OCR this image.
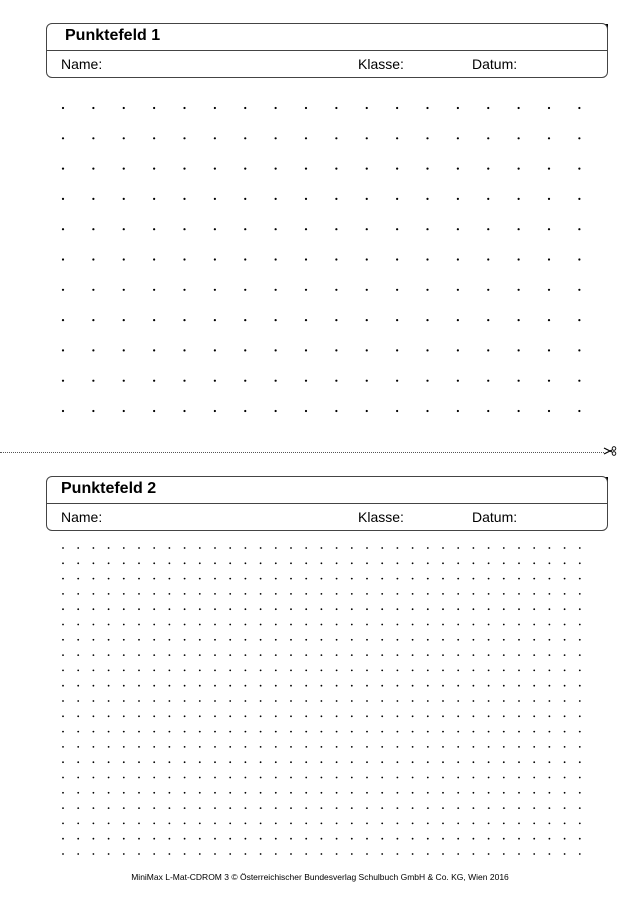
Punktefeld 1
Name:	Klasse:	Datum:
Punktefeld 2
Name:	Klasse:	Datum:
MiniMax L-Mat-CDROM 3 © Österreichischer Bundesverlag Schulbuch GmbH & Co. KG, Wien 2016
